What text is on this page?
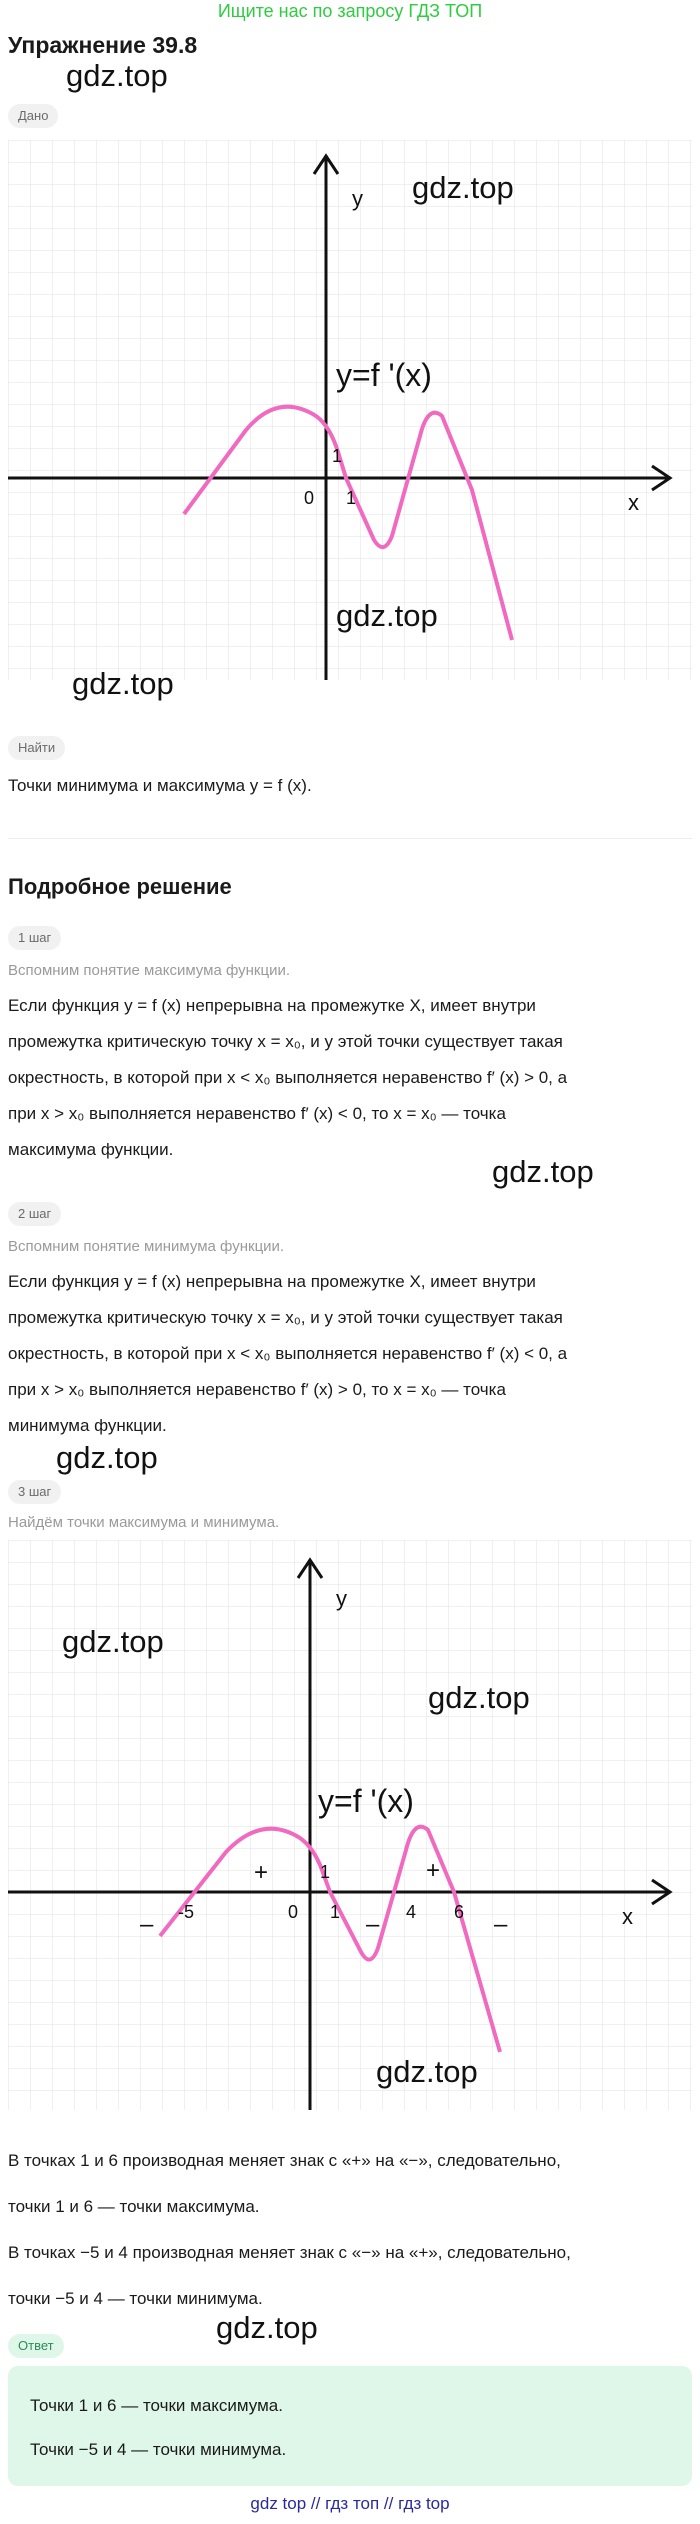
Ищите нас по запросу ГДЗ ТОП
Упражнение 39.8
gdz.top
Дано
y
x
y=f '(x)
0 1
1
gdz.top
gdz.top
gdz.top
Найти
Точки минимума и максимума y = f (x).
Подробное решение
1 шаг
Вспомним понятие максимума функции.
Если функция y = f (x) непрерывна на промежутке X, имеет внутри
промежутка критическую точку x = x₀, и у этой точки существует такая
окрестность, в которой при x < x₀ выполняется неравенство f′ (x) > 0, а
при x > x₀ выполняется неравенство f′ (x) < 0, то x = x₀ — точка
максимума функции.
gdz.top
2 шаг
Вспомним понятие минимума функции.
Если функция y = f (x) непрерывна на промежутке X, имеет внутри
промежутка критическую точку x = x₀, и у этой точки существует такая
окрестность, в которой при x < x₀ выполняется неравенство f′ (x) < 0, а
при x > x₀ выполняется неравенство f′ (x) > 0, то x = x₀ — точка
минимума функции.
gdz.top
3 шаг
Найдём точки максимума и минимума.
y
x
y=f '(x)
0
1
-5	1	4 6
–
+
–
+
–
gdz.top
gdz.top
gdz.top
В точках 1 и 6 производная меняет знак с «+» на «−», следовательно,
точки 1 и 6 — точки максимума.
В точках −5 и 4 производная меняет знак с «−» на «+», следовательно,
точки −5 и 4 — точки минимума.
gdz.top
Ответ
Точки 1 и 6 — точки максимума.
Точки −5 и 4 — точки минимума.
gdz top // гдз топ // гдз top
